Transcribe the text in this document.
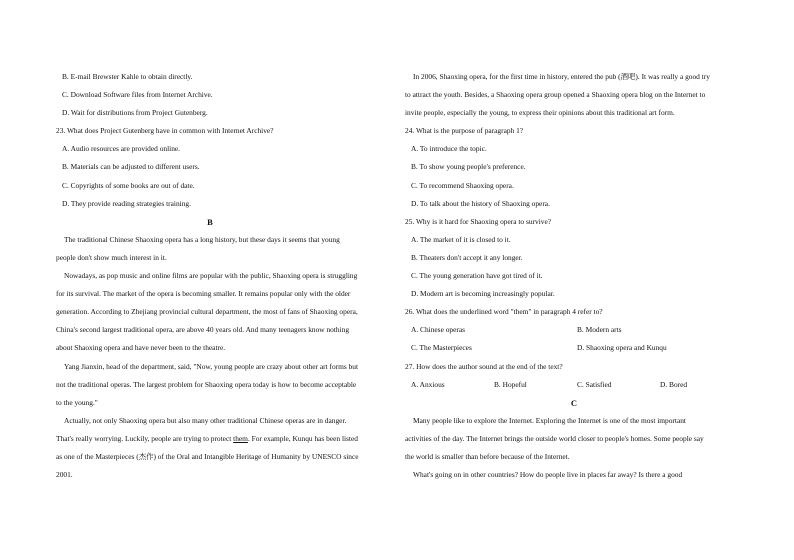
B. E-mail Brewster Kahle to obtain directly.
C. Download Software files from Internet Archive.
D. Wait for distributions from Project Gutenberg.
23. What does Project Gutenberg have in common with Internet Archive?
A. Audio resources are provided online.
B. Materials can be adjusted to different users.
C. Copyrights of some books are out of date.
D. They provide reading strategies training.
B
The traditional Chinese Shaoxing opera has a long history, but these days it seems that young
people don't show much interest in it.
Nowadays, as pop music and online films are popular with the public, Shaoxing opera is struggling
for its survival. The market of the opera is becoming smaller. It remains popular only with the older
generation. According to Zhejiang provincial cultural department, the most of fans of Shaoxing opera,
China's second largest traditional opera, are above 40 years old. And many teenagers know nothing
about Shaoxing opera and have never been to the theatre.
Yang Jianxin, head of the department, said, "Now, young people are crazy about other art forms but
not the traditional operas. The largest problem for Shaoxing opera today is how to become acceptable
to the young."
Actually, not only Shaoxing opera but also many other traditional Chinese operas are in danger.
That's really worrying. Luckily, people are trying to protect them. For example, Kunqu has been listed
as one of the Masterpieces (杰作) of the Oral and Intangible Heritage of Humanity by UNESCO since
2001.
In 2006, Shaoxing opera, for the first time in history, entered the pub (酒吧). It was really a good try
to attract the youth. Besides, a Shaoxing opera group opened a Shaoxing opera blog on the Internet to
invite people, especially the young, to express their opinions about this traditional art form.
24. What is the purpose of paragraph 1?
A. To introduce the topic.
B. To show young people's preference.
C. To recommend Shaoxing opera.
D. To talk about the history of Shaoxing opera.
25. Why is it hard for Shaoxing opera to survive?
A. The market of it is closed to it.
B. Theaters don't accept it any longer.
C. The young generation have got tired of it.
D. Modern art is becoming increasingly popular.
26. What does the underlined word "them" in paragraph 4 refer to?
A. Chinese operas	B. Modern arts
C. The Masterpieces	D. Shaoxing opera and Kunqu
27. How does the author sound at the end of the text?
A. Anxious	B. Hopeful	C. Satisfied	D. Bored
C
Many people like to explore the Internet. Exploring the Internet is one of the most important
activities of the day. The Internet brings the outside world closer to people's homes. Some people say
the world is smaller than before because of the Internet.
What's going on in other countries? How do people live in places far away? Is there a good
